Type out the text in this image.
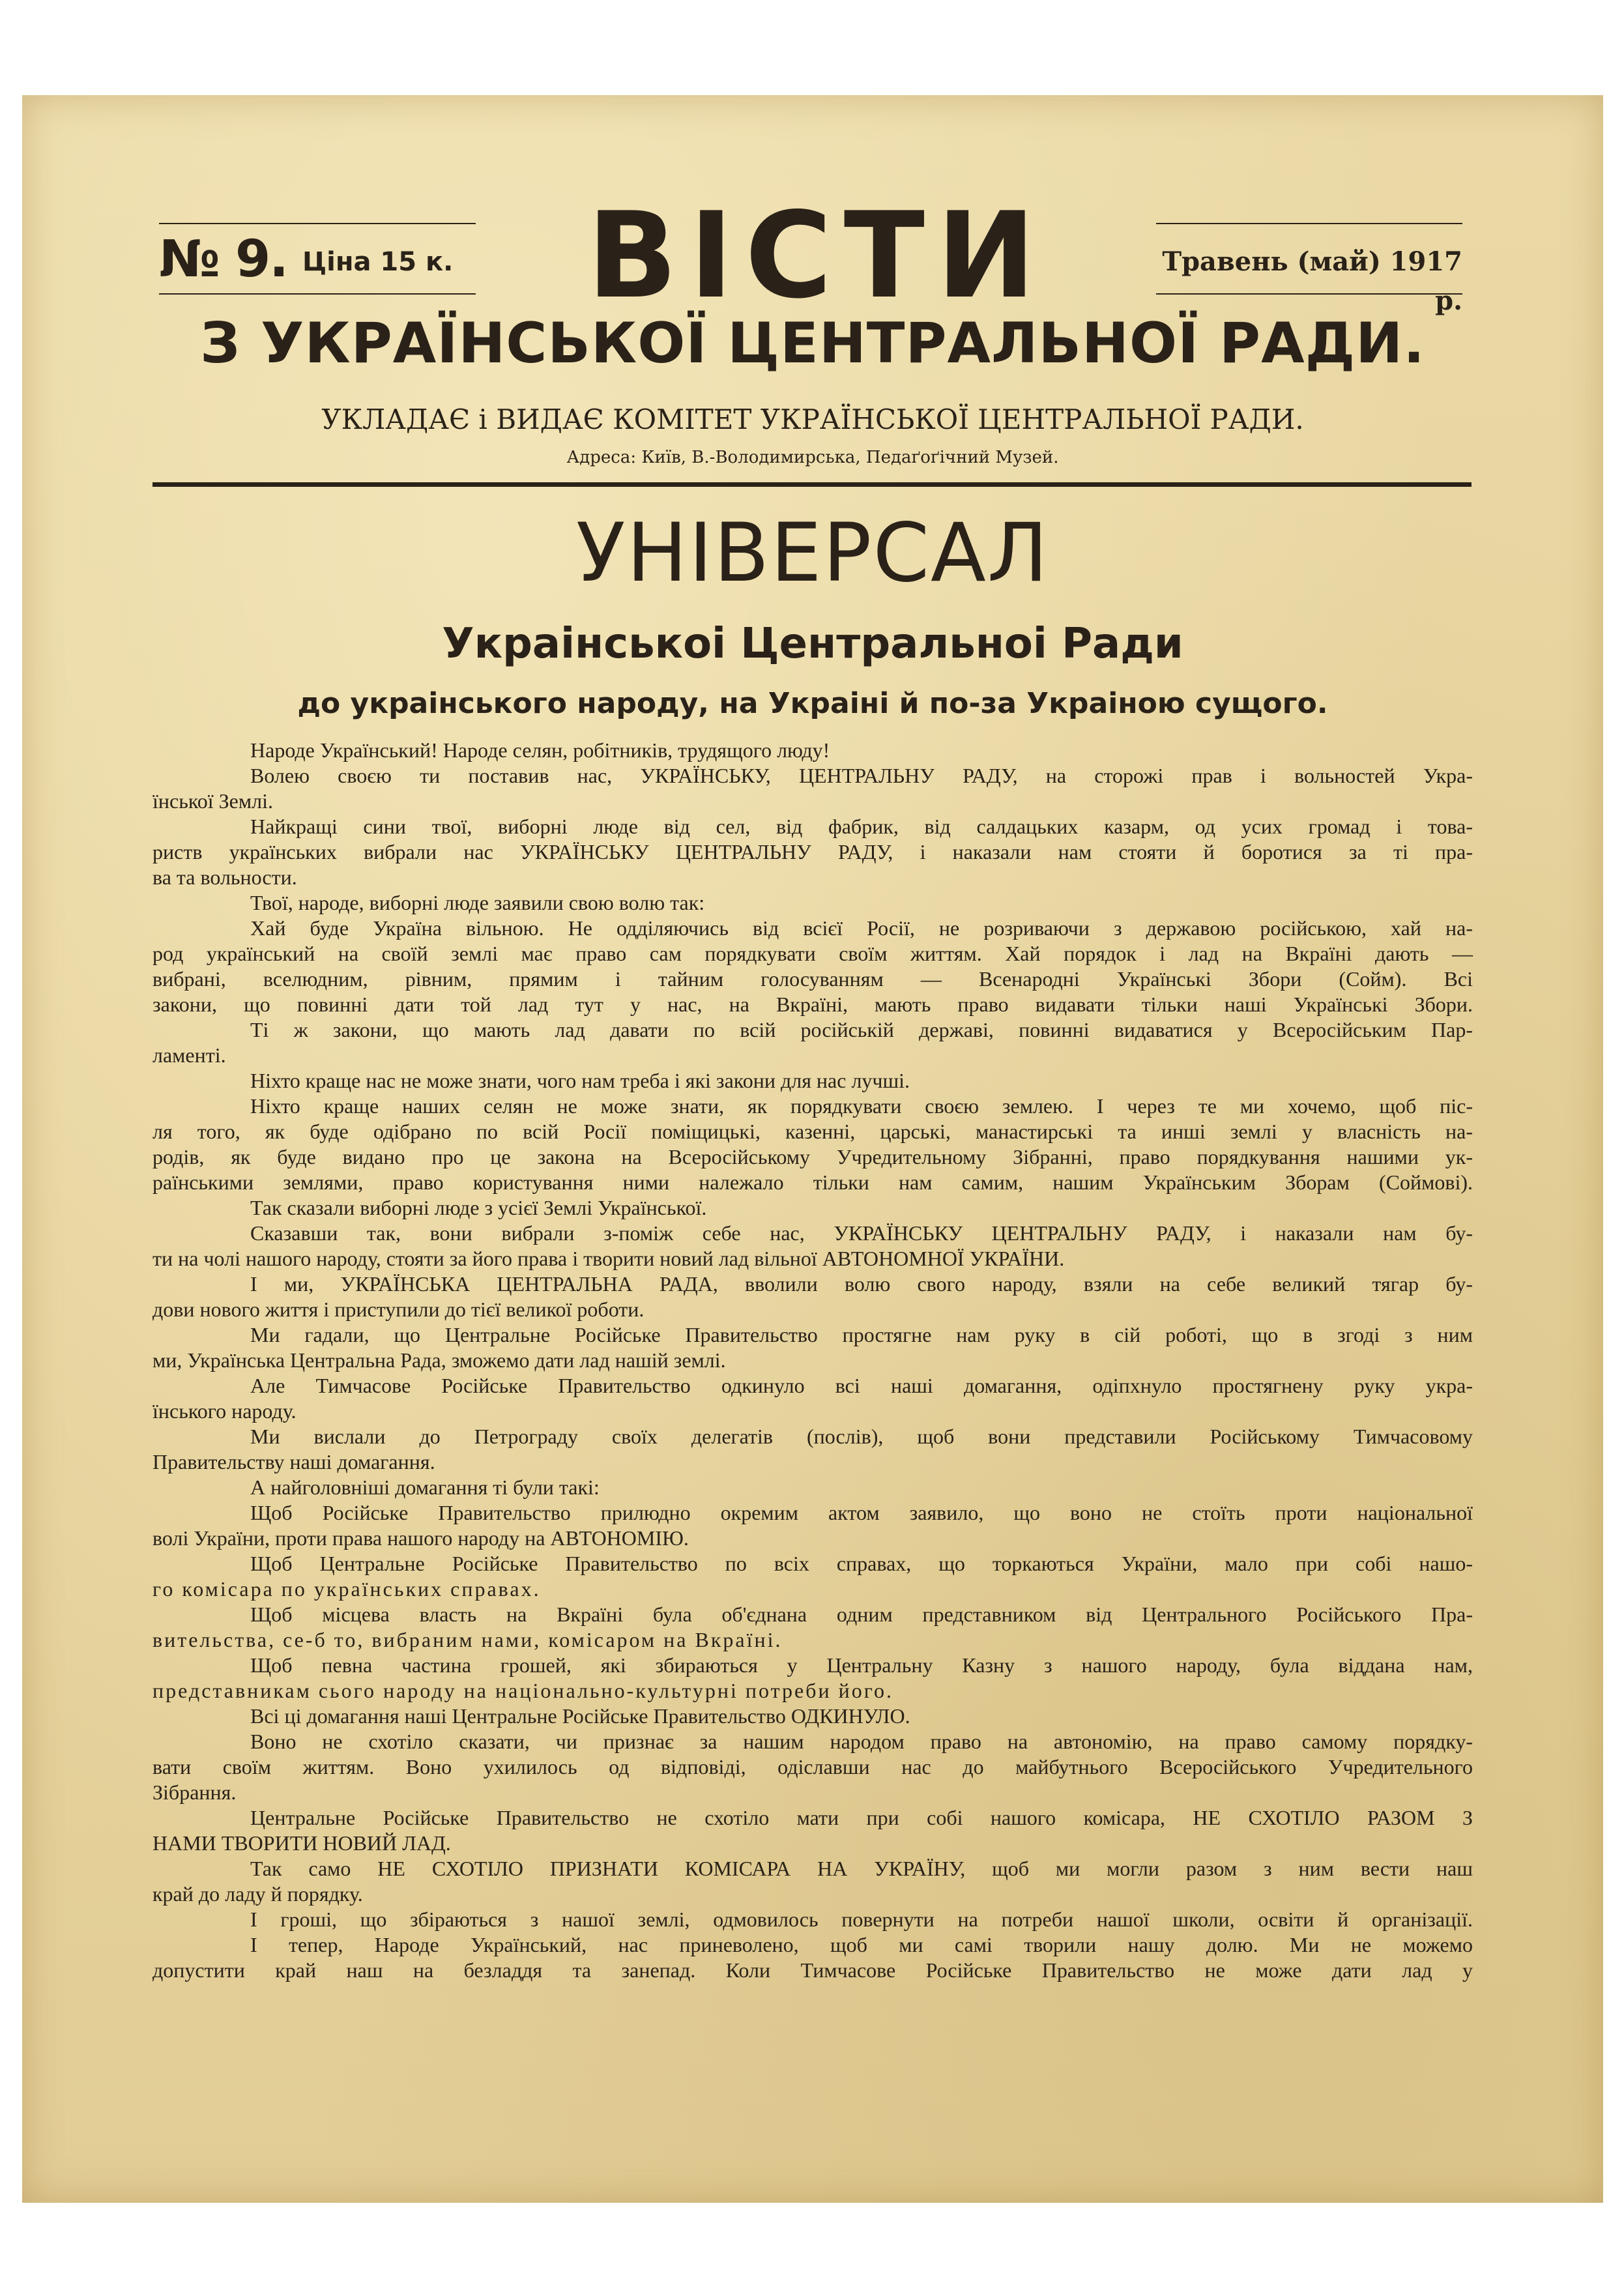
№ 9. Ціна 15 к.	ВІСТИ	Травень (май) 1917 р.
З УКРАЇНСЬКОЇ ЦЕНТРАЛЬНОЇ РАДИ.
УКЛАДАЄ і ВИДАЄ КОМІТЕТ УКРАЇНСЬКОЇ ЦЕНТРАЛЬНОЇ РАДИ.
Адреса: Київ, В.-Володимирська, Педаґоґічний Музей.
УНІВЕРСАЛ
Украінськоі Центральноі Ради
до украінського народу, на Украіні й по-за Украіною сущого.
Народе Український! Народе селян, робітників, трудящого люду!
Волею своєю ти поставив нас, УКРАЇНСЬКУ, ЦЕНТРАЛЬНУ РАДУ, на сторожі прав і вольностей Укра-
їнської Землі.
Найкращі сини твої, виборні люде від сел, від фабрик, від салдацьких казарм, од усих громад і това-
риств українських вибрали нас УКРАЇНСЬКУ ЦЕНТРАЛЬНУ РАДУ, і наказали нам стояти й боротися за ті пра-
ва та вольности.
Твої, народе, виборні люде заявили свою волю так:
Хай буде Україна вільною. Не одділяючись від всієї Росії, не розриваючи з державою російською, хай на-
род український на своїй землі має право сам порядкувати своїм життям. Хай порядок і лад на Вкраїні дають —
вибрані, вселюдним, рівним, прямим і тайним голосуванням — Всенародні Українські Збори (Сойм). Всі
закони, що повинні дати той лад тут у нас, на Вкраїні, мають право видавати тільки наші Українські Збори.
Ті ж закони, що мають лад давати по всій російській державі, повинні видаватися у Всеросійським Пар-
ламенті.
Ніхто краще нас не може знати, чого нам треба і які закони для нас лучші.
Ніхто краще наших селян не може знати, як порядкувати своєю землею. І через те ми хочемо, щоб піс-
ля того, як буде одібрано по всій Росії поміщицькі, казенні, царські, манастирські та инші землі у власність на-
родів, як буде видано про це закона на Всеросійському Учредительному Зібранні, право порядкування нашими ук-
раїнськими землями, право користування ними належало тільки нам самим, нашим Українським Зборам (Соймові).
Так сказали виборні люде з усієї Землі Української.
Сказавши так, вони вибрали з-поміж себе нас, УКРАЇНСЬКУ ЦЕНТРАЛЬНУ РАДУ, і наказали нам бу-
ти на чолі нашого народу, стояти за його права і творити новий лад вільної АВТОНОМНОЇ УКРАЇНИ.
І ми, УКРАЇНСЬКА ЦЕНТРАЛЬНА РАДА, вволили волю свого народу, взяли на себе великий тягар бу-
дови нового життя і приступили до тієї великої роботи.
Ми гадали, що Центральне Російське Правительство простягне нам руку в сій роботі, що в згоді з ним
ми, Українська Центральна Рада, зможемо дати лад нашій землі.
Але Тимчасове Російське Правительство одкинуло всі наші домагання, одіпхнуло простягнену руку укра-
їнського народу.
Ми вислали до Петрограду своїх делегатів (послів), щоб вони представили Російському Тимчасовому
Правительству наші домагання.
А найголовніші домагання ті були такі:
Щоб Російське Правительство прилюдно окремим актом заявило, що воно не стоїть проти національної
волі України, проти права нашого народу на АВТОНОМІЮ.
Щоб Центральне Російське Правительство по всіх справах, що торкаються України, мало при собі нашо-
го комісара по українських справах.
Щоб місцева власть на Вкраїні була об'єднана одним представником від Центрального Російського Пра-
вительства, се-б то, вибраним нами, комісаром на Вкраїні.
Щоб певна частина грошей, які збираються у Центральну Казну з нашого народу, була віддана нам,
представникам сього народу на національно-культурні потреби його.
Всі ці домагання наші Центральне Російське Правительство ОДКИНУЛО.
Воно не схотіло сказати, чи признає за нашим народом право на автономію, на право самому порядку-
вати своїм життям. Воно ухилилось од відповіді, одіславши нас до майбутнього Всеросійського Учредительного
Зібрання.
Центральне Російське Правительство не схотіло мати при собі нашого комісара, НЕ СХОТІЛО РАЗОМ З
НАМИ ТВОРИТИ НОВИЙ ЛАД.
Так само НЕ СХОТІЛО ПРИЗНАТИ КОМІСАРА НА УКРАЇНУ, щоб ми могли разом з ним вести наш
край до ладу й порядку.
І гроші, що збіраються з нашої землі, одмовилось повернути на потреби нашої школи, освіти й організації.
І тепер, Народе Український, нас приневолено, щоб ми самі творили нашу долю. Ми не можемо
допустити край наш на безладдя та занепад. Коли Тимчасове Російське Правительство не може дати лад у
